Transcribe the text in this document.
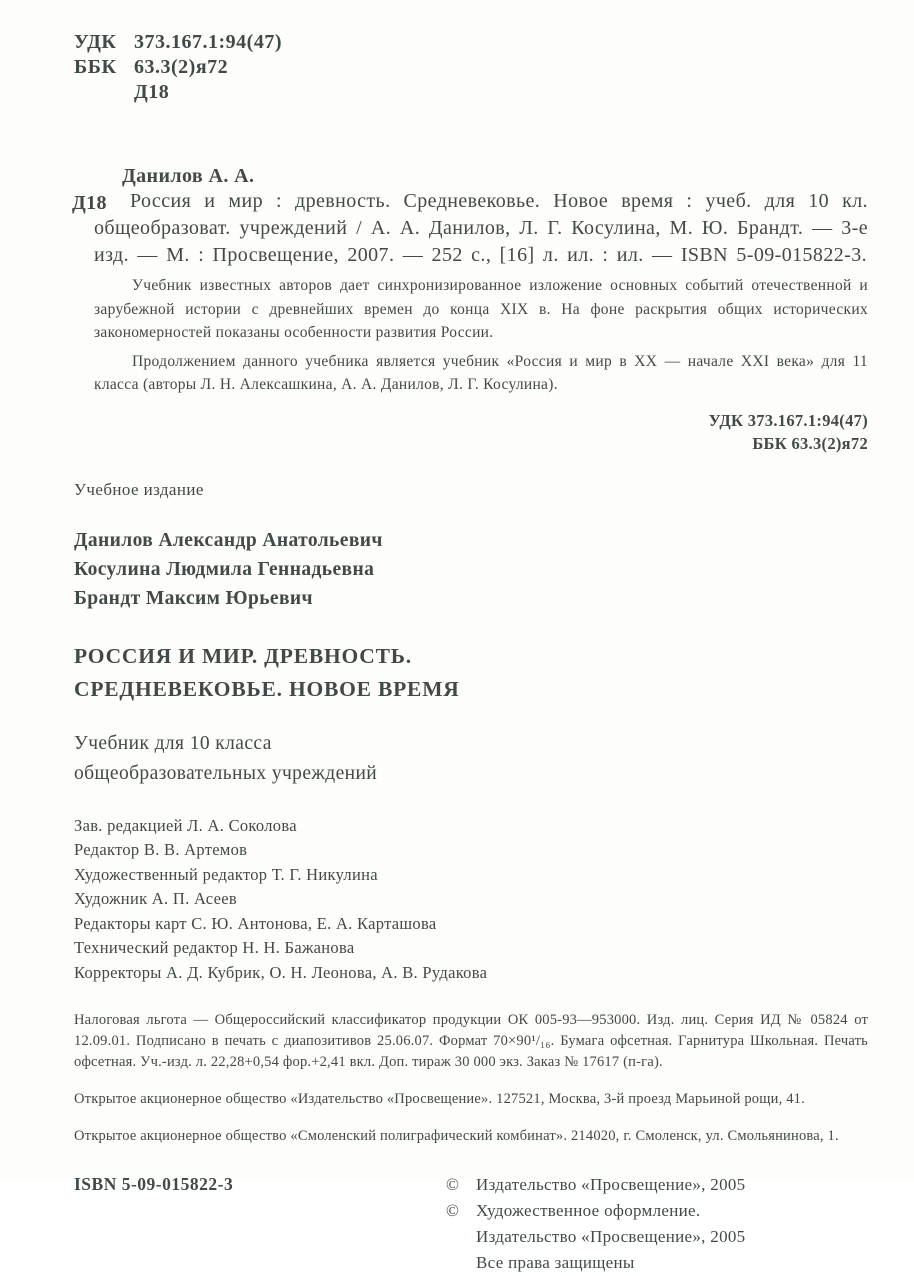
УДК 373.167.1:94(47)
ББК 63.3(2)я72
Д18
Данилов А. А.
Д18	Россия и мир : древность. Средневековье. Новое время : учеб. для 10 кл. общеобразоват. учреждений / А. А. Данилов, Л. Г. Косулина, М. Ю. Брандт. — 3-е изд. — М. : Просвещение, 2007. — 252 с., [16] л. ил. : ил. — ISBN 5-09-015822-3.

Учебник известных авторов дает синхронизированное изложение основных событий отечественной и зарубежной истории с древнейших времен до конца XIX в. На фоне раскрытия общих исторических закономерностей показаны особенности развития России.

Продолжением данного учебника является учебник «Россия и мир в XX — начале XXI века» для 11 класса (авторы Л. Н. Алексашкина, А. А. Данилов, Л. Г. Косулина).

УДК 373.167.1:94(47)
ББК 63.3(2)я72
Учебное издание
Данилов Александр Анатольевич
Косулина Людмила Геннадьевна
Брандт Максим Юрьевич
РОССИЯ И МИР. ДРЕВНОСТЬ.
СРЕДНЕВЕКОВЬЕ. НОВОЕ ВРЕМЯ
Учебник для 10 класса
общеобразовательных учреждений
Зав. редакцией Л. А. Соколова
Редактор В. В. Артемов
Художественный редактор Т. Г. Никулина
Художник А. П. Асеев
Редакторы карт С. Ю. Антонова, Е. А. Карташова
Технический редактор Н. Н. Бажанова
Корректоры А. Д. Кубрик, О. Н. Леонова, А. В. Рудакова

Налоговая льгота — Общероссийский классификатор продукции ОК 005-93—953000. Изд. лиц. Серия ИД № 05824 от 12.09.01. Подписано в печать с диапозитивов 25.06.07. Формат 70×90¹/₁₆. Бумага офсетная. Гарнитура Школьная. Печать офсетная. Уч.-изд. л. 22,28+0,54 фор.+2,41 вкл. Доп. тираж 30 000 экз. Заказ № 17617 (п-га).

Открытое акционерное общество «Издательство «Просвещение». 127521, Москва, 3-й проезд Марьиной рощи, 41.

Открытое акционерное общество «Смоленский полиграфический комбинат». 214020, г. Смоленск, ул. Смольянинова, 1.

ISBN 5-09-015822-3	© Издательство «Просвещение», 2005
© Художественное оформление.
Издательство «Просвещение», 2005
Все права защищены
